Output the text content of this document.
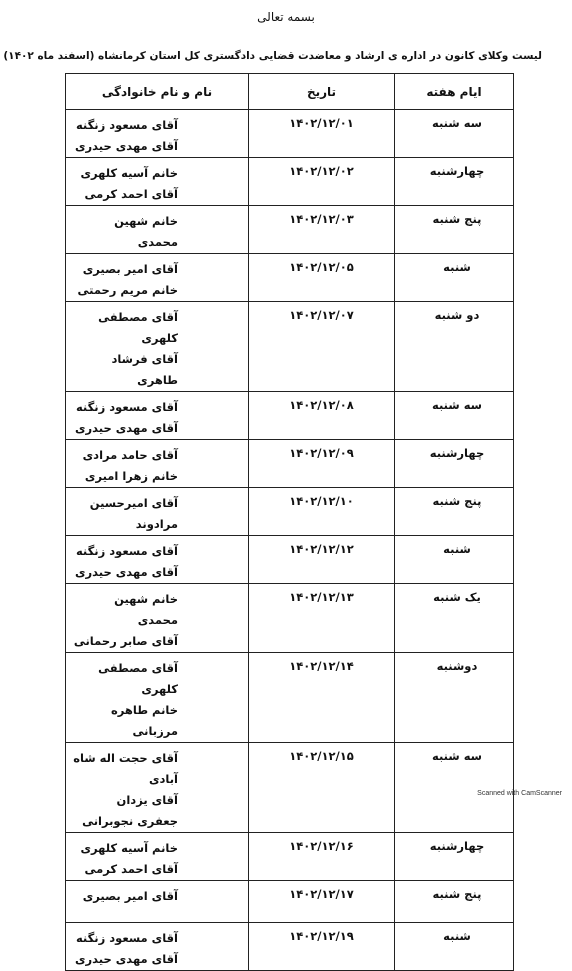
بسمه تعالی
لیست وکلای کانون در اداره ی ارشاد و معاضدت قضایی دادگستری کل استان کرمانشاه (اسفند ماه ۱۴۰۲)
ایام هفته	تاریخ	نام و نام خانوادگی
سه شنبه	۱۴۰۲/۱۲/۰۱	آقای مسعود زنگنه
آقای مهدی حیدری

چهارشنبه	۱۴۰۲/۱۲/۰۲	خانم آسیه کلهری
آقای احمد کرمی

پنج شنبه	۱۴۰۲/۱۲/۰۳	خانم شهین محمدی

شنبه	۱۴۰۲/۱۲/۰۵	آقای امیر بصیری
خانم مریم رحمتی

دو شنبه	۱۴۰۲/۱۲/۰۷	آقای مصطفی کلهری
آقای فرشاد طاهری

سه شنبه	۱۴۰۲/۱۲/۰۸	آقای مسعود زنگنه
آقای مهدی حیدری

چهارشنبه	۱۴۰۲/۱۲/۰۹	آقای حامد مرادی
خانم زهرا امیری

پنج شنبه	۱۴۰۲/۱۲/۱۰	آقای امیرحسین مرادوند

شنبه	۱۴۰۲/۱۲/۱۲	آقای مسعود زنگنه
آقای مهدی حیدری

یک شنبه	۱۴۰۲/۱۲/۱۳	خانم شهین محمدی
آقای صابر رحمانی

دوشنبه	۱۴۰۲/۱۲/۱۴	آقای مصطفی کلهری
خانم طاهره مرزبانی

سه شنبه	۱۴۰۲/۱۲/۱۵	آقای حجت اله شاه آبادی
آقای یزدان جعفری نجوبرانی

چهارشنبه	۱۴۰۲/۱۲/۱۶	خانم آسیه کلهری
آقای احمد کرمی

پنج شنبه	۱۴۰۲/۱۲/۱۷	آقای امیر بصیری

شنبه	۱۴۰۲/۱۲/۱۹	آقای مسعود زنگنه
آقای مهدی حیدری
Scanned with CamScanner
